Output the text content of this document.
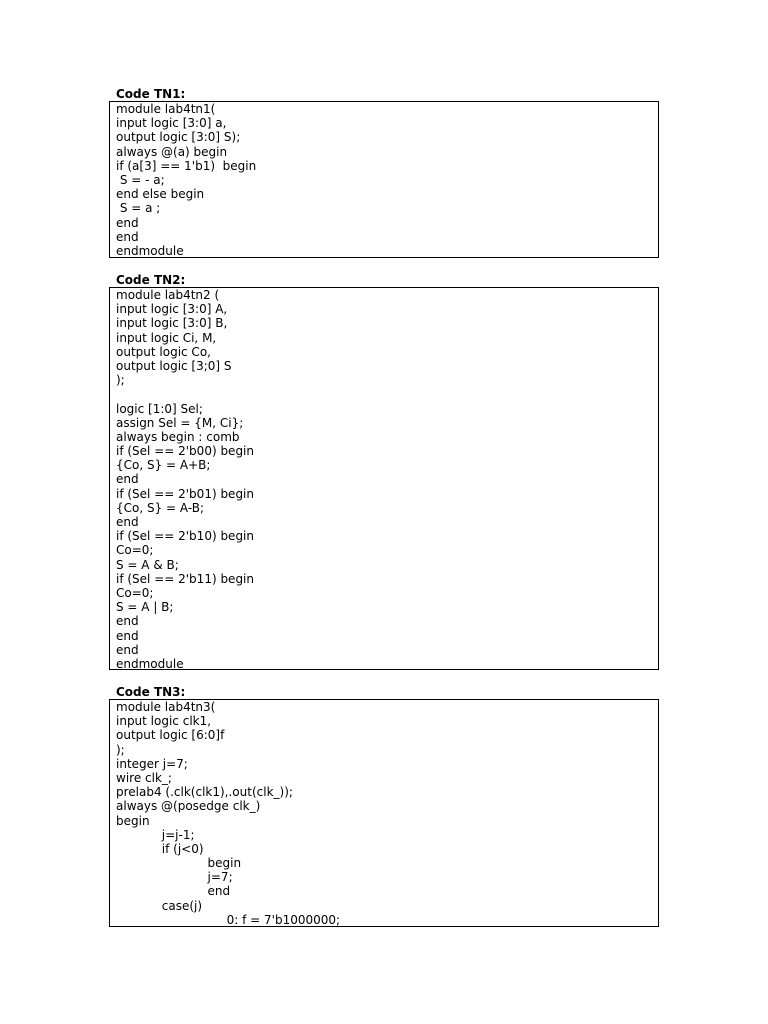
Code TN1:
module lab4tn1(
input logic [3:0] a,
output logic [3:0] S);
always @(a) begin
if (a[3] == 1'b1)  begin
S = - a;
end else begin
S = a ;
end
end
endmodule
Code TN2:
module lab4tn2 (
input logic [3:0] A,
input logic [3:0] B,
input logic Ci, M,
output logic Co,
output logic [3;0] S
);
logic [1:0] Sel;
assign Sel = {M, Ci};
always begin : comb
if (Sel == 2'b00) begin
{Co, S} = A+B;
end
if (Sel == 2'b01) begin
{Co, S} = A-B;
end
if (Sel == 2'b10) begin
Co=0;
S = A & B;
if (Sel == 2'b11) begin
Co=0;
S = A | B;
end
end
end
endmodule
Code TN3:
module lab4tn3(
input logic clk1,
output logic [6:0]f
);
integer j=7;
wire clk_;
prelab4 (.clk(clk1),.out(clk_));
always @(posedge clk_)
begin
j=j-1;
if (j<0)
begin
j=7;
end
case(j)
0: f = 7'b1000000;
